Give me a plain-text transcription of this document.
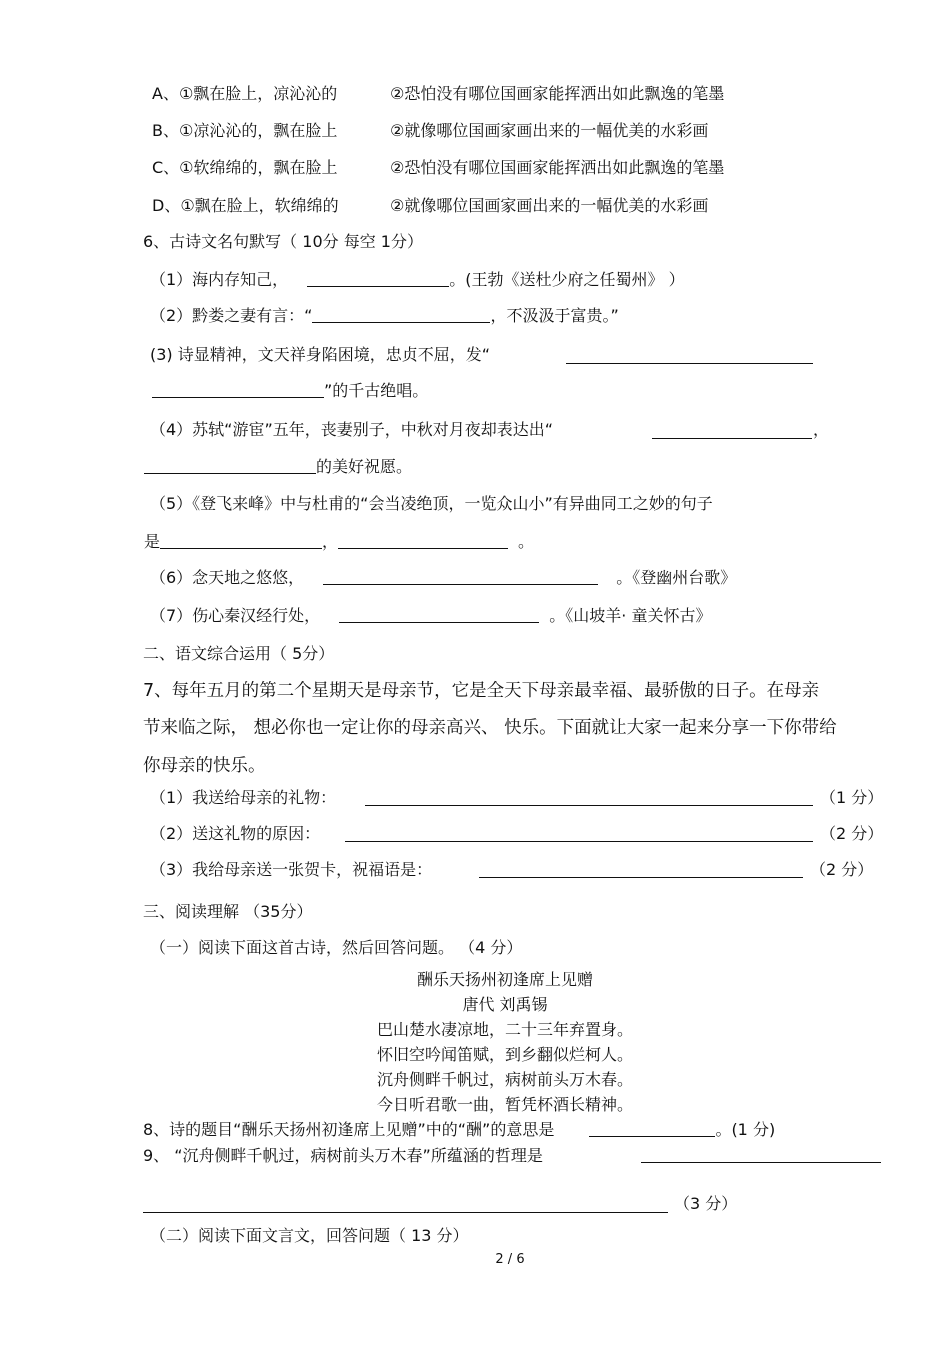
A、①飘在脸上，凉沁沁的	②恐怕没有哪位国画家能挥洒出如此飘逸的笔墨
B、①凉沁沁的，飘在脸上	②就像哪位国画家画出来的一幅优美的水彩画
C、①软绵绵的，飘在脸上	②恐怕没有哪位国画家能挥洒出如此飘逸的笔墨
D、①飘在脸上，软绵绵的	②就像哪位国画家画出来的一幅优美的水彩画
6、古诗文名句默写（ 10分 每空 1分）
（1）海内存知己，	。(王勃《送杜少府之任蜀州》 ）
（2）黔娄之妻有言：“	，不汲汲于富贵。”
(3) 诗显精神，文天祥身陷困境，忠贞不屈，发“
”的千古绝唱。
（4）苏轼“游宦”五年，丧妻别子，中秋对月夜却表达出“	，
的美好祝愿。
（5）《登飞来峰》中与杜甫的“会当凌绝顶，一览众山小”有异曲同工之妙的句子
是	，	。
（6）念天地之悠悠，	。《登幽州台歌》
（7）伤心秦汉经行处，	。《山坡羊· 童关怀古》
二、语文综合运用（ 5分）
7、每年五月的第二个星期天是母亲节，它是全天下母亲最幸福、最骄傲的日子。在母亲
节来临之际， 想必你也一定让你的母亲高兴、 快乐。下面就让大家一起来分享一下你带给
你母亲的快乐。
（1）我送给母亲的礼物：	（1 分）
（2）送这礼物的原因：	（2 分）
（3）我给母亲送一张贺卡，祝福语是：	（2 分）
三、阅读理解 （35分）
（一）阅读下面这首古诗，然后回答问题。 （4 分）
酬乐天扬州初逢席上见赠
唐代 刘禹锡
巴山楚水凄凉地，二十三年弃置身。
怀旧空吟闻笛赋，到乡翻似烂柯人。
沉舟侧畔千帆过，病树前头万木春。
今日听君歌一曲，暂凭杯酒长精神。
8、诗的题目“酬乐天扬州初逢席上见赠”中的“酬”的意思是	。(1 分)
9、 “沉舟侧畔千帆过，病树前头万木春”所蕴涵的哲理是
（3 分）
（二）阅读下面文言文，回答问题（ 13 分）
2 / 6
